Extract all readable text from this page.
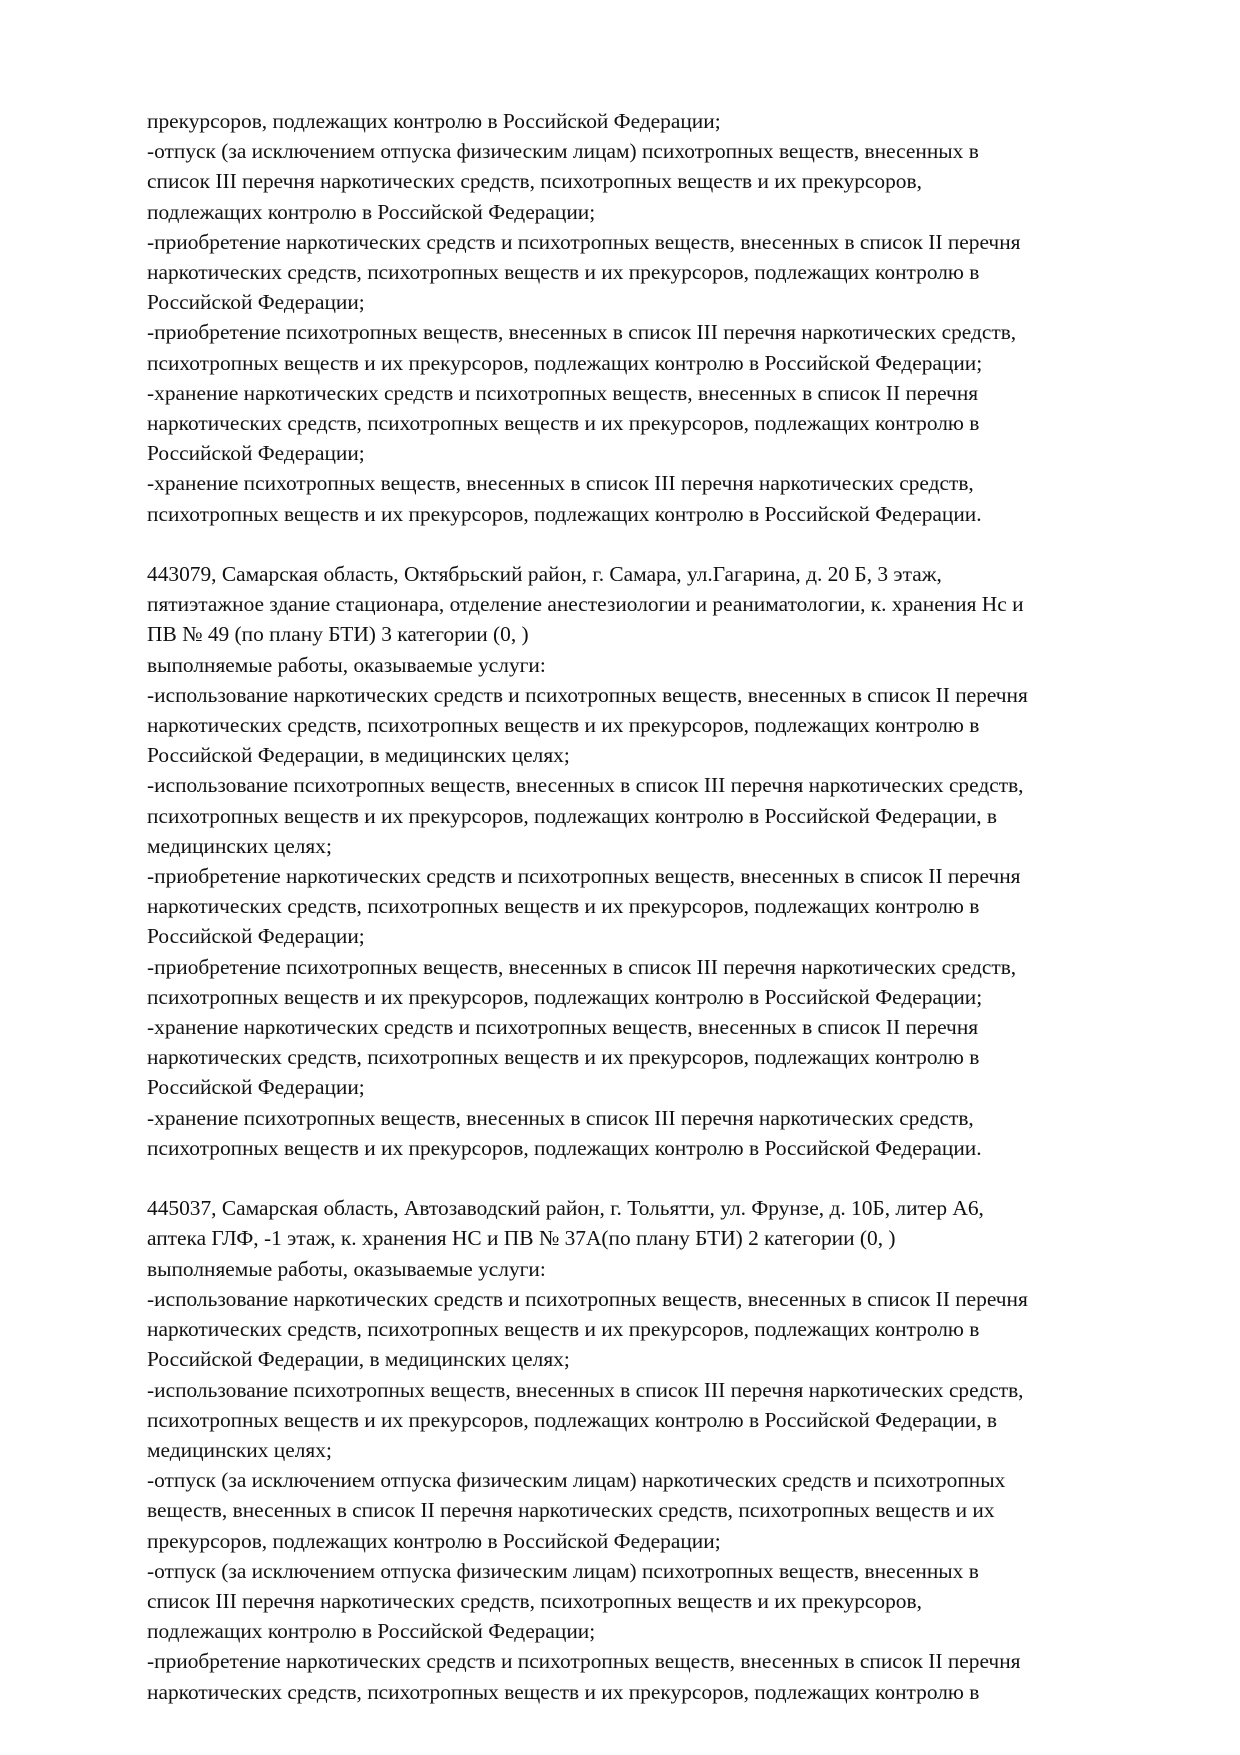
прекурсоров, подлежащих контролю в Российской Федерации;
-отпуск (за исключением отпуска физическим лицам) психотропных веществ, внесенных в
список III перечня наркотических средств, психотропных веществ и их прекурсоров,
подлежащих контролю в Российской Федерации;
-приобретение наркотических средств и психотропных веществ, внесенных в список II перечня
наркотических средств, психотропных веществ и их прекурсоров, подлежащих контролю в
Российской Федерации;
-приобретение психотропных веществ, внесенных в список III перечня наркотических средств,
психотропных веществ и их прекурсоров, подлежащих контролю в Российской Федерации;
-хранение наркотических средств и психотропных веществ, внесенных в список II перечня
наркотических средств, психотропных веществ и их прекурсоров, подлежащих контролю в
Российской Федерации;
-хранение психотропных веществ, внесенных в список III перечня наркотических средств,
психотропных веществ и их прекурсоров, подлежащих контролю в Российской Федерации.
443079, Самарская область, Октябрьский район, г. Самара, ул.Гагарина, д. 20 Б, 3 этаж,
пятиэтажное здание стационара, отделение анестезиологии и реаниматологии, к. хранения Нс и
ПВ № 49 (по плану БТИ) 3 категории (0, )
выполняемые работы, оказываемые услуги:
-использование наркотических средств и психотропных веществ, внесенных в список II перечня
наркотических средств, психотропных веществ и их прекурсоров, подлежащих контролю в
Российской Федерации, в медицинских целях;
-использование психотропных веществ, внесенных в список III перечня наркотических средств,
психотропных веществ и их прекурсоров, подлежащих контролю в Российской Федерации, в
медицинских целях;
-приобретение наркотических средств и психотропных веществ, внесенных в список II перечня
наркотических средств, психотропных веществ и их прекурсоров, подлежащих контролю в
Российской Федерации;
-приобретение психотропных веществ, внесенных в список III перечня наркотических средств,
психотропных веществ и их прекурсоров, подлежащих контролю в Российской Федерации;
-хранение наркотических средств и психотропных веществ, внесенных в список II перечня
наркотических средств, психотропных веществ и их прекурсоров, подлежащих контролю в
Российской Федерации;
-хранение психотропных веществ, внесенных в список III перечня наркотических средств,
психотропных веществ и их прекурсоров, подлежащих контролю в Российской Федерации.
445037, Самарская область, Автозаводский район, г. Тольятти, ул. Фрунзе, д. 10Б, литер А6,
аптека ГЛФ, -1 этаж, к. хранения НС и ПВ № 37А(по плану БТИ) 2 категории (0, )
выполняемые работы, оказываемые услуги:
-использование наркотических средств и психотропных веществ, внесенных в список II перечня
наркотических средств, психотропных веществ и их прекурсоров, подлежащих контролю в
Российской Федерации, в медицинских целях;
-использование психотропных веществ, внесенных в список III перечня наркотических средств,
психотропных веществ и их прекурсоров, подлежащих контролю в Российской Федерации, в
медицинских целях;
-отпуск (за исключением отпуска физическим лицам) наркотических средств и психотропных
веществ, внесенных в список II перечня наркотических средств, психотропных веществ и их
прекурсоров, подлежащих контролю в Российской Федерации;
-отпуск (за исключением отпуска физическим лицам) психотропных веществ, внесенных в
список III перечня наркотических средств, психотропных веществ и их прекурсоров,
подлежащих контролю в Российской Федерации;
-приобретение наркотических средств и психотропных веществ, внесенных в список II перечня
наркотических средств, психотропных веществ и их прекурсоров, подлежащих контролю в
